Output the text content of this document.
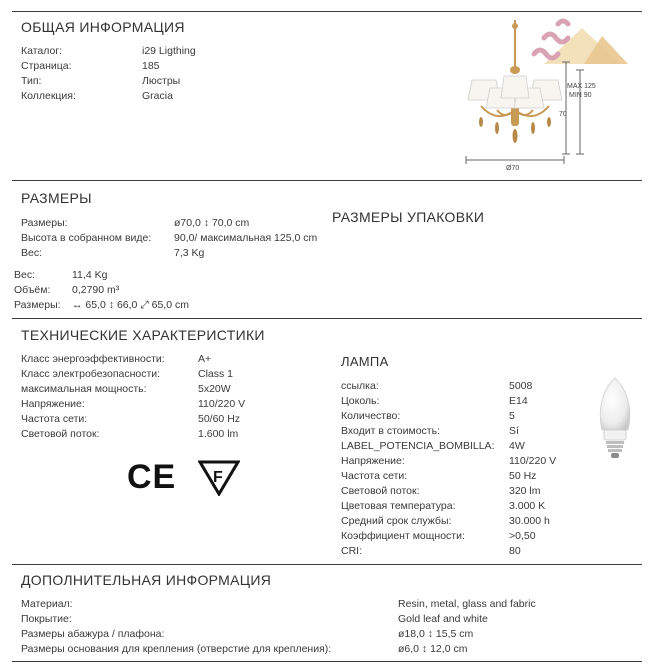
ОБЩАЯ ИНФОРМАЦИЯ
Каталог:	i29 Ligthing
Страница:	185
Тип:	Люстры
Коллекция:	Gracia
MAX 125
MIN 90
70
Ø70
РАЗМЕРЫ
РАЗМЕРЫ УПАКОВКИ
Размеры:	ø70,0 ↕ 70,0 cm
Высота в собранном виде: 90,0/ максимальная 125,0 cm
Вес:	7,3 Kg
Вес:	11,4 Kg
Объём: 0,2790 m³
Размеры: ↔ 65,0 ↕ 66,0 ⤢ 65,0 cm
ТЕХНИЧЕСКИЕ ХАРАКТЕРИСТИКИ
Класс энергоэффективности:	A+
Класс электробезопасности:	Class 1
максимальная мощность:	5x20W
Напряжение:	110/220 V
Частота сети:	50/60 Hz
Световой поток:	1.600 lm
CE F
ЛАМПА
ссылка:	5008
Цоколь:	E14
Количество:	5
Входит в стоимость:	Sí
LABEL_POTENCIA_BOMBILLA: 4W
Напряжение:	110/220 V
Частота сети:	50 Hz
Световой поток:	320 lm
Цветовая температура:	3.000 K
Средний срок службы:	30.000 h
Коэффициент мощности:	>0,50
CRI:	80
ДОПОЛНИТЕЛЬНАЯ ИНФОРМАЦИЯ
Материал:	Resin, metal, glass and fabric
Покрытие:	Gold leaf and white
Размеры абажура / плафона:	ø18,0 ↕ 15,5 cm
Размеры основания для крепления (отверстие для крепления):	ø6,0 ↕ 12,0 cm
